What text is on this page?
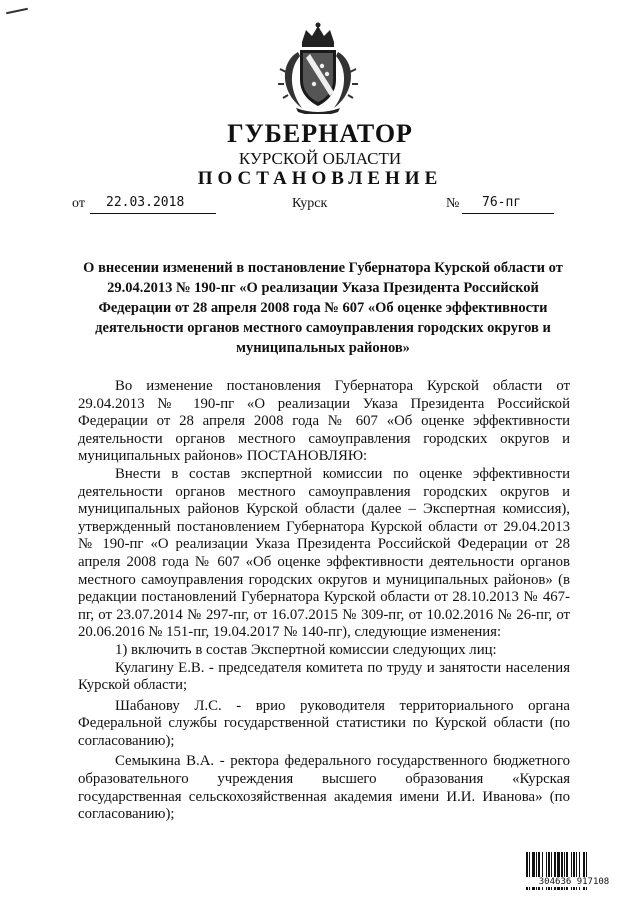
ГУБЕРНАТОР
КУРСКОЙ ОБЛАСТИ
ПОСТАНОВЛЕНИЕ
от 22.03.2018	Курск	№ 76-пг
О внесении изменений в постановление Губернатора Курской области от 29.04.2013 № 190-пг «О реализации Указа Президента Российской Федерации от 28 апреля 2008 года № 607 «Об оценке эффективности деятельности органов местного самоуправления городских округов и муниципальных районов»

Во изменение постановления Губернатора Курской области от 29.04.2013 № 190-пг «О реализации Указа Президента Российской Федерации от 28 апреля 2008 года № 607 «Об оценке эффективности деятельности органов местного самоуправления городских округов и муниципальных районов» ПОСТАНОВЛЯЮ:

Внести в состав экспертной комиссии по оценке эффективности деятельности органов местного самоуправления городских округов и муниципальных районов Курской области (далее – Экспертная комиссия), утвержденный постановлением Губернатора Курской области от 29.04.2013 № 190-пг «О реализации Указа Президента Российской Федерации от 28 апреля 2008 года № 607 «Об оценке эффективности деятельности органов местного самоуправления городских округов и муниципальных районов» (в редакции постановлений Губернатора Курской области от 28.10.2013 № 467-пг, от 23.07.2014 № 297-пг, от 16.07.2015 № 309-пг, от 10.02.2016 № 26-пг, от 20.06.2016 № 151-пг, 19.04.2017 № 140-пг), следующие изменения:

1) включить в состав Экспертной комиссии следующих лиц:

Кулагину Е.В. - председателя комитета по труду и занятости населения Курской области;

Шабанову Л.С. - врио руководителя территориального органа Федеральной службы государственной статистики по Курской области (по согласованию);

Семыкина В.А. - ректора федерального государственного бюджетного образовательного учреждения высшего образования «Курская государственная сельскохозяйственная академия имени И.И. Иванова» (по согласованию);

304636 917108
